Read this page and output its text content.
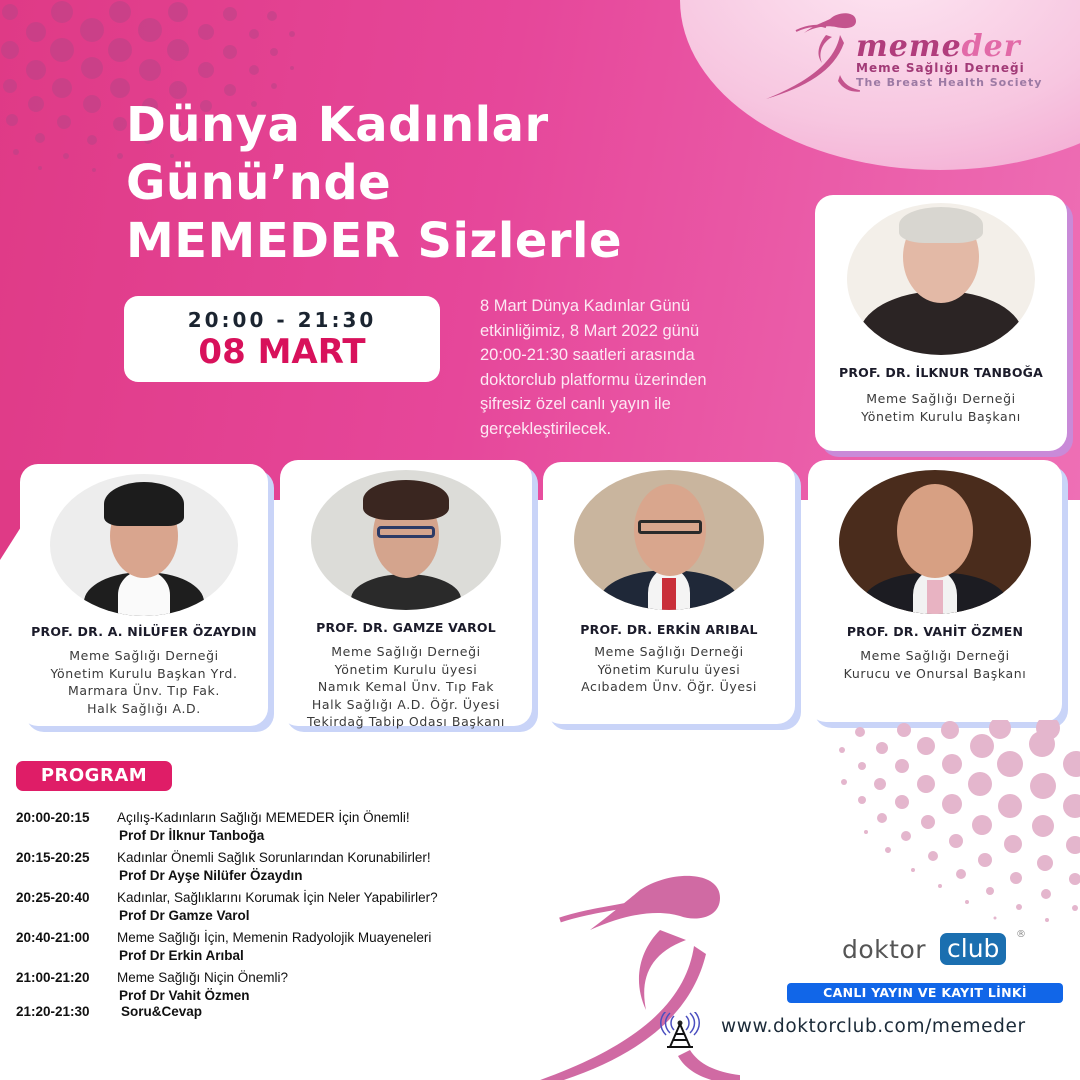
memeder
Meme Sağlığı Derneği
The Breast Health Society
Dünya Kadınlar
Günü’nde
MEMEDER Sizlerle
20:00 - 21:30
08 MART
8 Mart Dünya Kadınlar Günü
etkinliğimiz, 8 Mart 2022 günü
20:00-21:30 saatleri arasında
doktorclub platformu üzerinden
şifresiz özel canlı yayın ile
gerçekleştirilecek.
PROF. DR. İLKNUR TANBOĞA
Meme Sağlığı Derneği
Yönetim Kurulu Başkanı
PROF. DR. A. NİLÜFER ÖZAYDIN
Meme Sağlığı Derneği
Yönetim Kurulu Başkan Yrd.
Marmara Ünv. Tıp Fak.
Halk Sağlığı A.D.
PROF. DR. GAMZE VAROL
Meme Sağlığı Derneği
Yönetim Kurulu üyesi
Namık Kemal Ünv. Tıp Fak
Halk Sağlığı A.D. Öğr. Üyesi
Tekirdağ Tabip Odası Başkanı
PROF. DR. ERKİN ARIBAL
Meme Sağlığı Derneği
Yönetim Kurulu üyesi
Acıbadem Ünv. Öğr. Üyesi
PROF. DR. VAHİT ÖZMEN
Meme Sağlığı Derneği
Kurucu ve Onursal Başkanı
PROGRAM
20:00-20:15 Açılış-Kadınların Sağlığı MEMEDER İçin Önemli!
Prof Dr İlknur Tanboğa
20:15-20:25 Kadınlar Önemli Sağlık Sorunlarından Korunabilirler!
Prof Dr Ayşe Nilüfer Özaydın
20:25-20:40 Kadınlar, Sağlıklarını Korumak İçin Neler Yapabilirler?
Prof Dr Gamze Varol
20:40-21:00 Meme Sağlığı İçin, Memenin Radyolojik Muayeneleri
Prof Dr Erkin Arıbal
21:00-21:20 Meme Sağlığı Niçin Önemli?
Prof Dr Vahit Özmen
21:20-21:30 Soru&Cevap
doktor club	®
CANLI YAYIN VE KAYIT LİNKİ
www.doktorclub.com/memeder
